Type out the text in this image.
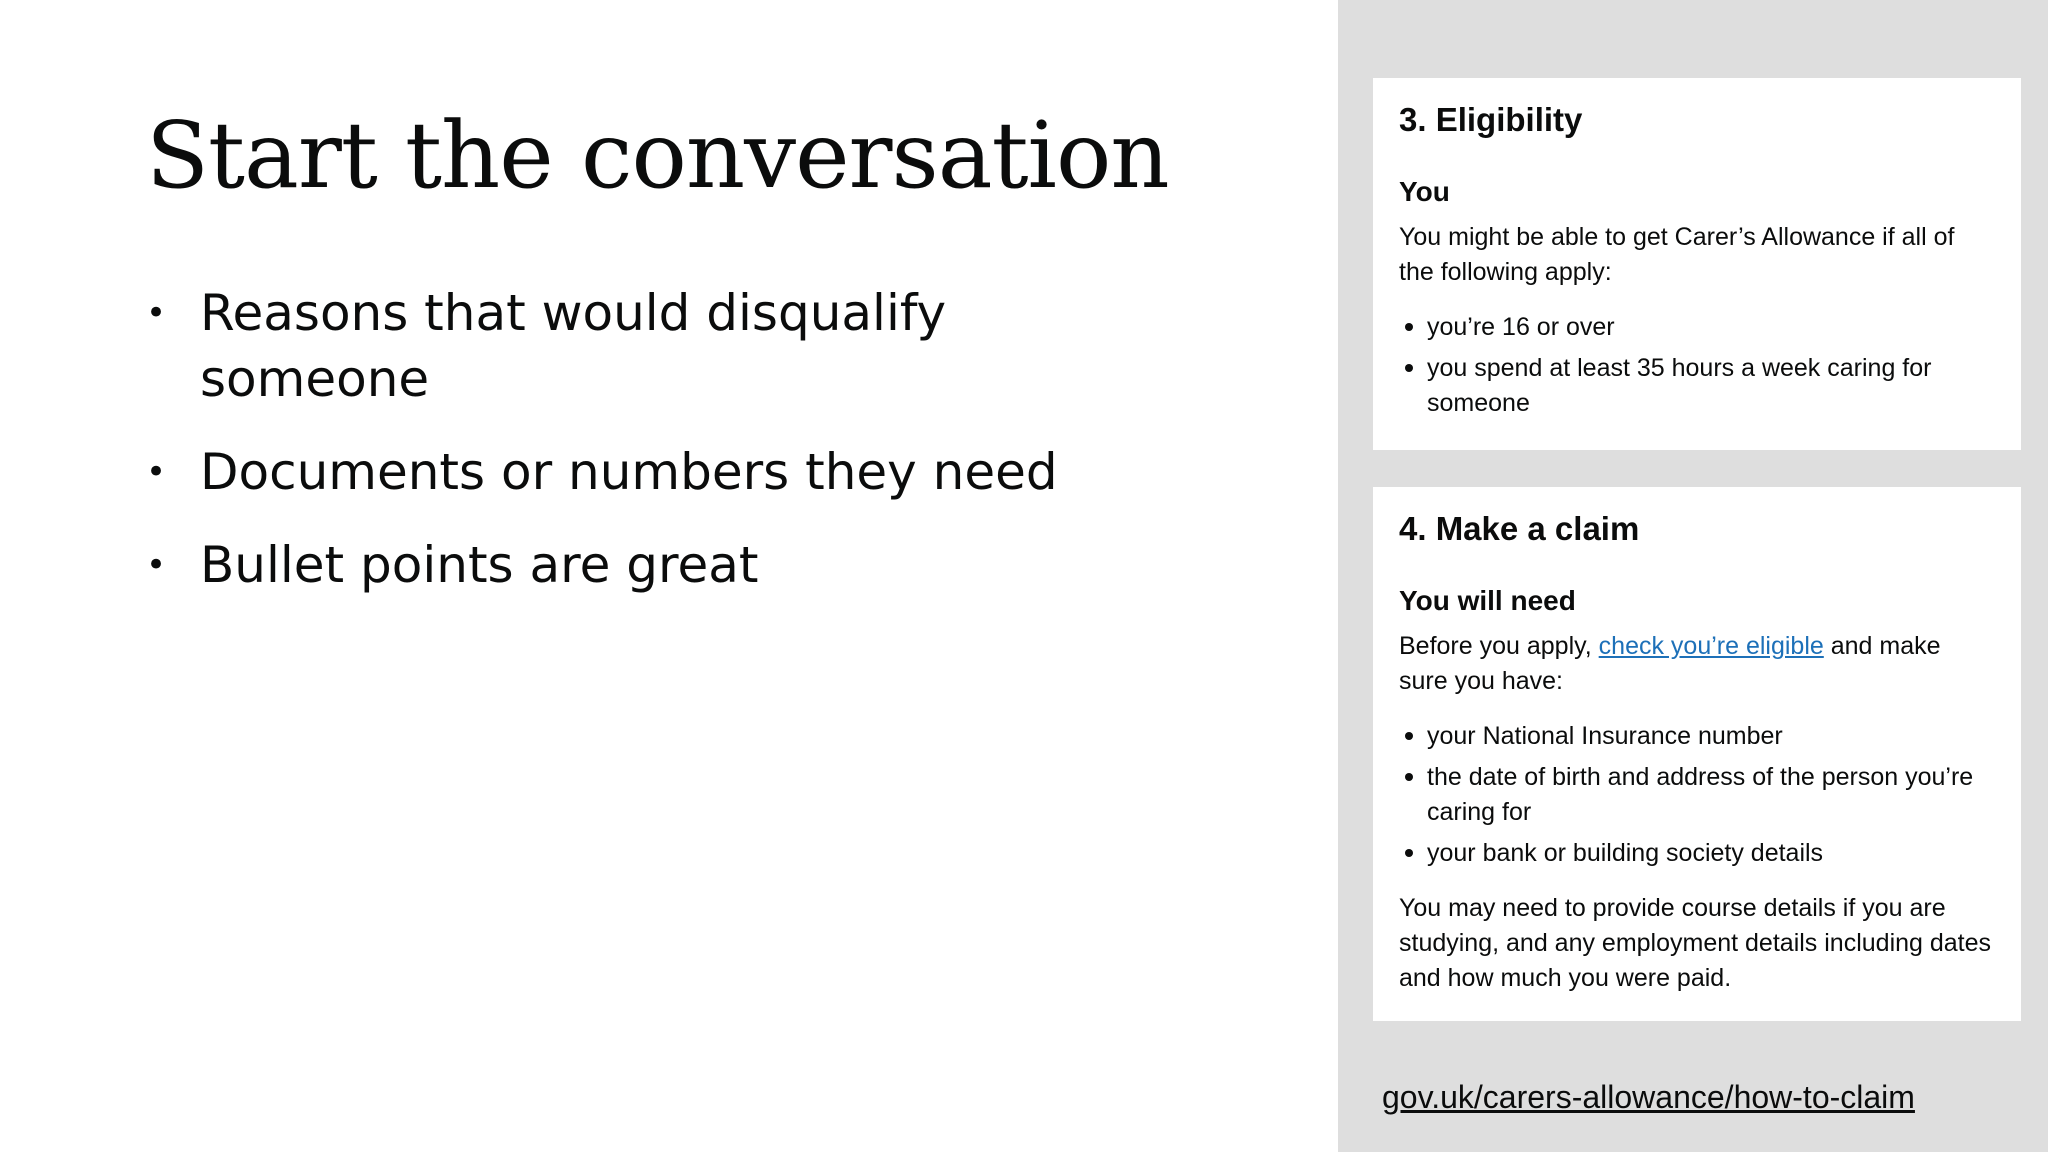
Start the conversation
• Reasons that would disqualify someone
• Documents or numbers they need
• Bullet points are great
3. Eligibility
You

You might be able to get Carer’s Allowance if all of the following apply:

you’re 16 or over
you spend at least 35 hours a week caring for someone
4. Make a claim
You will need

Before you apply, check you’re eligible and make sure you have:

your National Insurance number
the date of birth and address of the person you’re caring for
your bank or building society details

You may need to provide course details if you are studying, and any employment details including dates and how much you were paid.

gov.uk/carers-allowance/how-to-claim
